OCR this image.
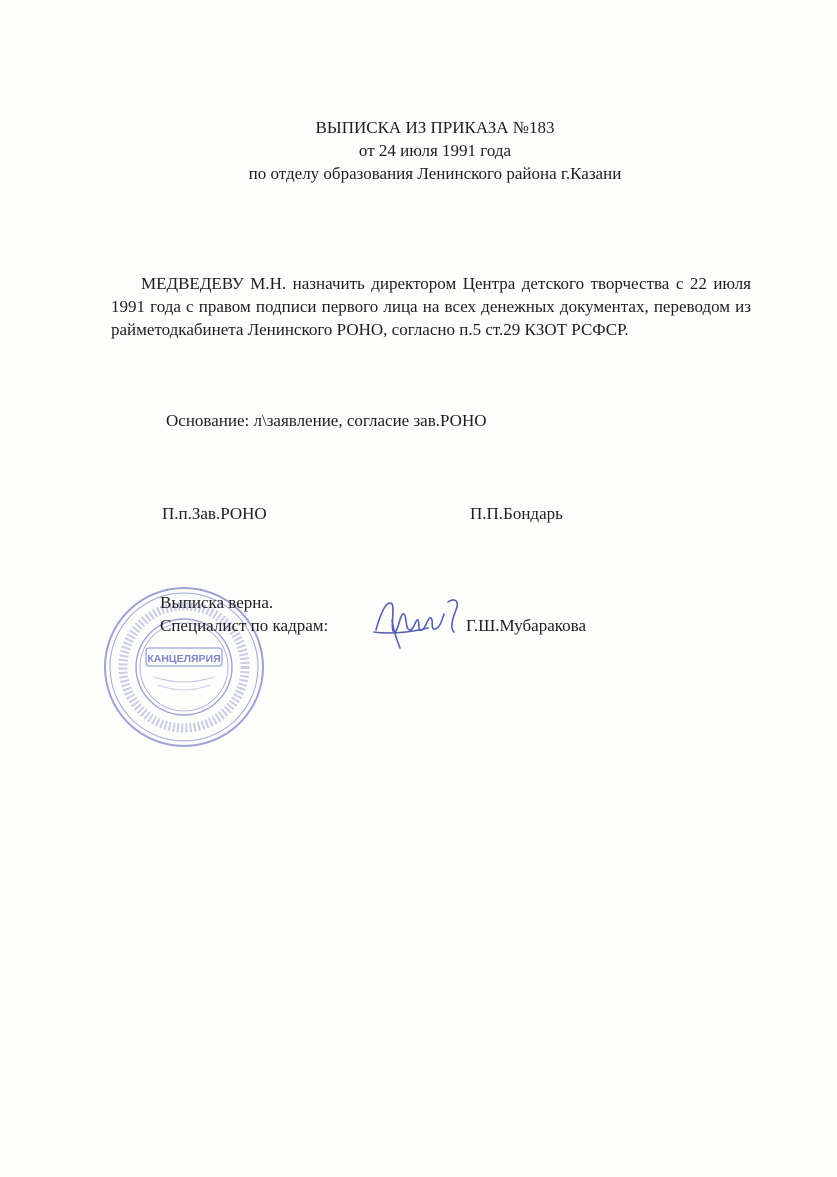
ВЫПИСКА ИЗ ПРИКАЗА №183
от 24 июля 1991 года
по отделу образования Ленинского района г.Казани

МЕДВЕДЕВУ М.Н. назначить директором Центра детского творчества с 22 июля 1991 года с правом подписи первого лица на всех денежных документах, переводом из райметодкабинета Ленинского РОНО, согласно п.5 ст.29 КЗОТ РСФСР.

Основание: л\заявление, согласие зав.РОНО
П.п.Зав.РОНО	П.П.Бондарь
КАНЦЕЛЯРИЯ
Выписка верна.
Специалист по кадрам:	Г.Ш.Мубаракова
